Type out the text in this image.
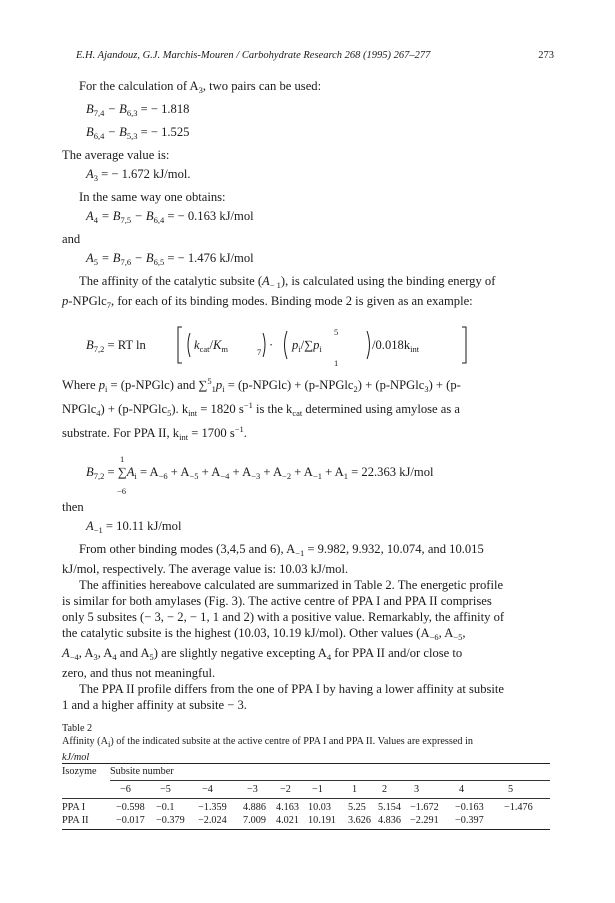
E.H. Ajandouz, G.J. Marchis-Mouren / Carbohydrate Research 268 (1995) 267–277	273

For the calculation of $A_3$, two pairs can be used:

$B_{7,4} - B_{6,3}$ = − 1.818
$B_{6,4} - B_{5,3}$ = − 1.525

The average value is:

$A_3$ = − 1.672 kJ/mol.

In the same way one obtains:

$A_4 = B_{7,5} - B_{6,4}$ = − 0.163 kJ/mol

and

$A_5 = B_{7,6} - B_{6,5}$ = − 1.476 kJ/mol

The affinity of the catalytic subsite $(A_{- 1})$, is calculated using the binding energy of

p-NPGlc$_7$, for each of its binding modes. Binding mode 2 is given as an example:

$B_{7,2}$ = RT ln	$k_{cat}/K_m$	$7 \cdot p_i/\sum p_i$
5
1
$/0.018k_{int}$

Where $p_i$ = (p-NPGlc) and $\sum^5_1p_i$ = (p-NPGlc) + (p-NPGlc$_2$) + (p-NPGlc$_3$) + (p-

NPGlc$_4$) + (p-NPGlc$_5$). $k_{int} = 1820$ $s^{-1}$ is the $k_{cat}$ determined using amylose as a

substrate. For PPA II, $k_{int} = 1700$ $s^{-1}$.

1
$B_{7,2} = \sum A_i = A_{-6} + A_{-5} + A_{-4} + A_{-3} + A_{-2} + A_{-1} + A_1 = 22.363$ kJ/mol
−6

then

$A_{-1} = 10.11$ kJ/mol

From other binding modes (3,4,5 and 6), $A_{-1} = 9.982$, 9.932, 10.074, and 10.015

kJ/mol, respectively. The average value is: 10.03 kJ/mol.

The affinities hereabove calculated are summarized in Table 2. The energetic profile

is similar for both amylases (Fig. 3). The active centre of PPA I and PPA II comprises

only 5 subsites (− 3, − 2, − 1, 1 and 2) with a positive value. Remarkably, the affinity of

the catalytic subsite is the highest (10.03, 10.19 kJ/mol). Other values ($A_{-6}$, $A_{-5}$,

$A_{-4}$, $A_3$, $A_4$ and $A_5$) are slightly negative excepting $A_4$ for PPA II and/or close to

zero, and thus not meaningful.

The PPA II profile differs from the one of PPA I by having a lower affinity at subsite

1 and a higher affinity at subsite − 3.

Table 2
Affinity $(A_i)$ of the indicated subsite at the active centre of PPA I and PPA II. Values are expressed in
kJ/mol
Isozyme Subsite number
−6	−5	−4	−3 −2 −1	1 2	3	4	5
PPA I	−0.598 −0.1 −1.359 4.886 4.163 10.03 5.25 5.154 −1.672 −0.163 −1.476
PPA II	−0.017 −0.379 −2.024 7.009 4.021 10.191 3.626 4.836 −2.291 −0.397
